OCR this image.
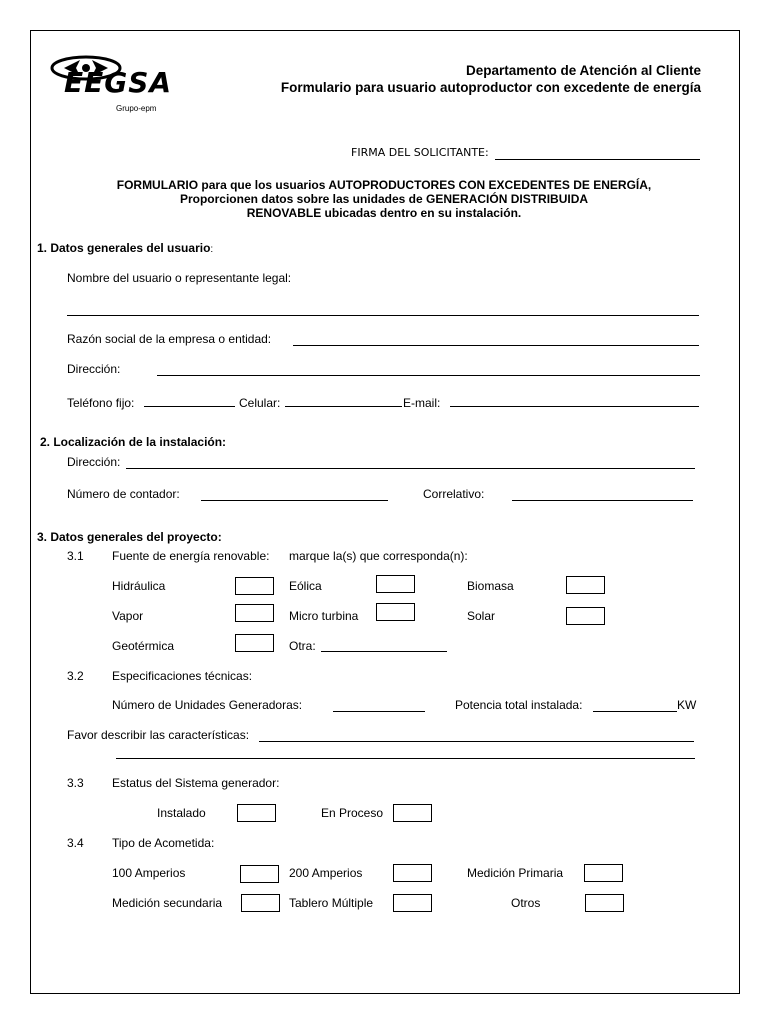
EEGSA
Grupo-epm
Departamento de Atención al Cliente
Formulario para usuario autoproductor con excedente de energía
FIRMA DEL SOLICITANTE:
FORMULARIO para que los usuarios AUTOPRODUCTORES CON EXCEDENTES DE ENERGÍA,
Proporcionen datos sobre las unidades de GENERACIÓN DISTRIBUIDA
RENOVABLE ubicadas dentro en su instalación.
1. Datos generales del usuario:
Nombre del usuario o representante legal:
Razón social de la empresa o entidad:
Dirección:
Teléfono fijo:	Celular:	E-mail:
2. Localización de la instalación:
Dirección:
Número de contador:	Correlativo:
3. Datos generales del proyecto:
3.1 Fuente de energía renovable: marque la(s) que corresponda(n):
Hidráulica	Eólica	Biomasa
Vapor	Micro turbina	Solar
Geotérmica	Otra:
3.2 Especificaciones técnicas:
Número de Unidades Generadoras:	Potencia total instalada:	KW
Favor describir las características:
3.3 Estatus del Sistema generador:
Instalado	En Proceso
3.4 Tipo de Acometida:
100 Amperios	200 Amperios	Medición Primaria
Medición secundaria	Tablero Múltiple	Otros
